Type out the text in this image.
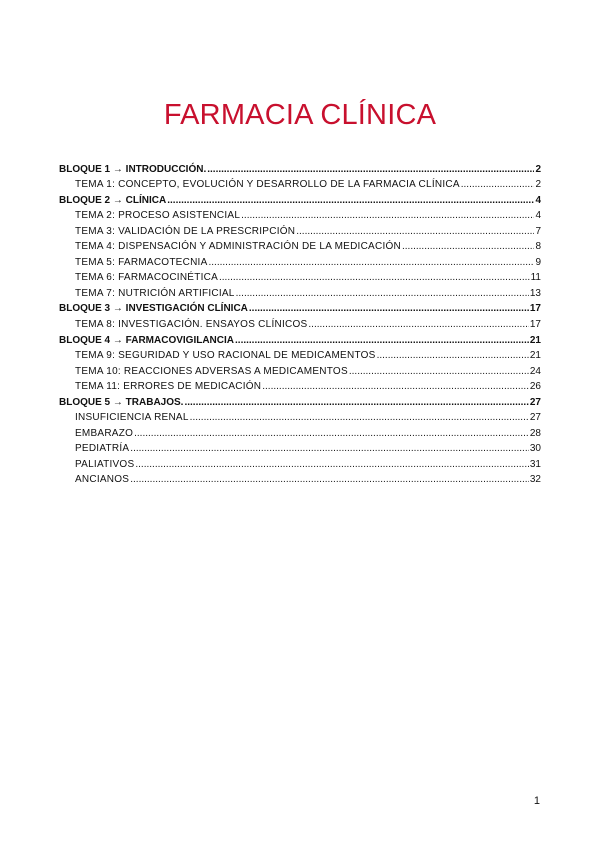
FARMACIA CLÍNICA
BLOQUE 1 → INTRODUCCIÓN. .....	2
TEMA 1: CONCEPTO, EVOLUCIÓN Y DESARROLLO DE LA FARMACIA CLÍNICA .....	2
BLOQUE 2 → CLÍNICA .....	4
TEMA 2: PROCESO ASISTENCIAL .....	4
TEMA 3: VALIDACIÓN DE LA PRESCRIPCIÓN .....	7
TEMA 4: DISPENSACIÓN Y ADMINISTRACIÓN DE LA MEDICACIÓN .....	8
TEMA 5: FARMACOTECNIA .....	9
TEMA 6: FARMACOCINÉTICA .....	11
TEMA 7: NUTRICIÓN ARTIFICIAL .....	13
BLOQUE 3 → INVESTIGACIÓN CLÍNICA .....	17
TEMA 8: INVESTIGACIÓN. ENSAYOS CLÍNICOS .....	17
BLOQUE 4 → FARMACOVIGILANCIA .....	21
TEMA 9: SEGURIDAD Y USO RACIONAL DE MEDICAMENTOS .....	21
TEMA 10: REACCIONES ADVERSAS A MEDICAMENTOS .....	24
TEMA 11: ERRORES DE MEDICACIÓN .....	26
BLOQUE 5 → TRABAJOS. .....	27
INSUFICIENCIA RENAL .....	27
EMBARAZO .....	28
PEDIATRÍA .....	30
PALIATIVOS .....	31
ANCIANOS .....	32
1
